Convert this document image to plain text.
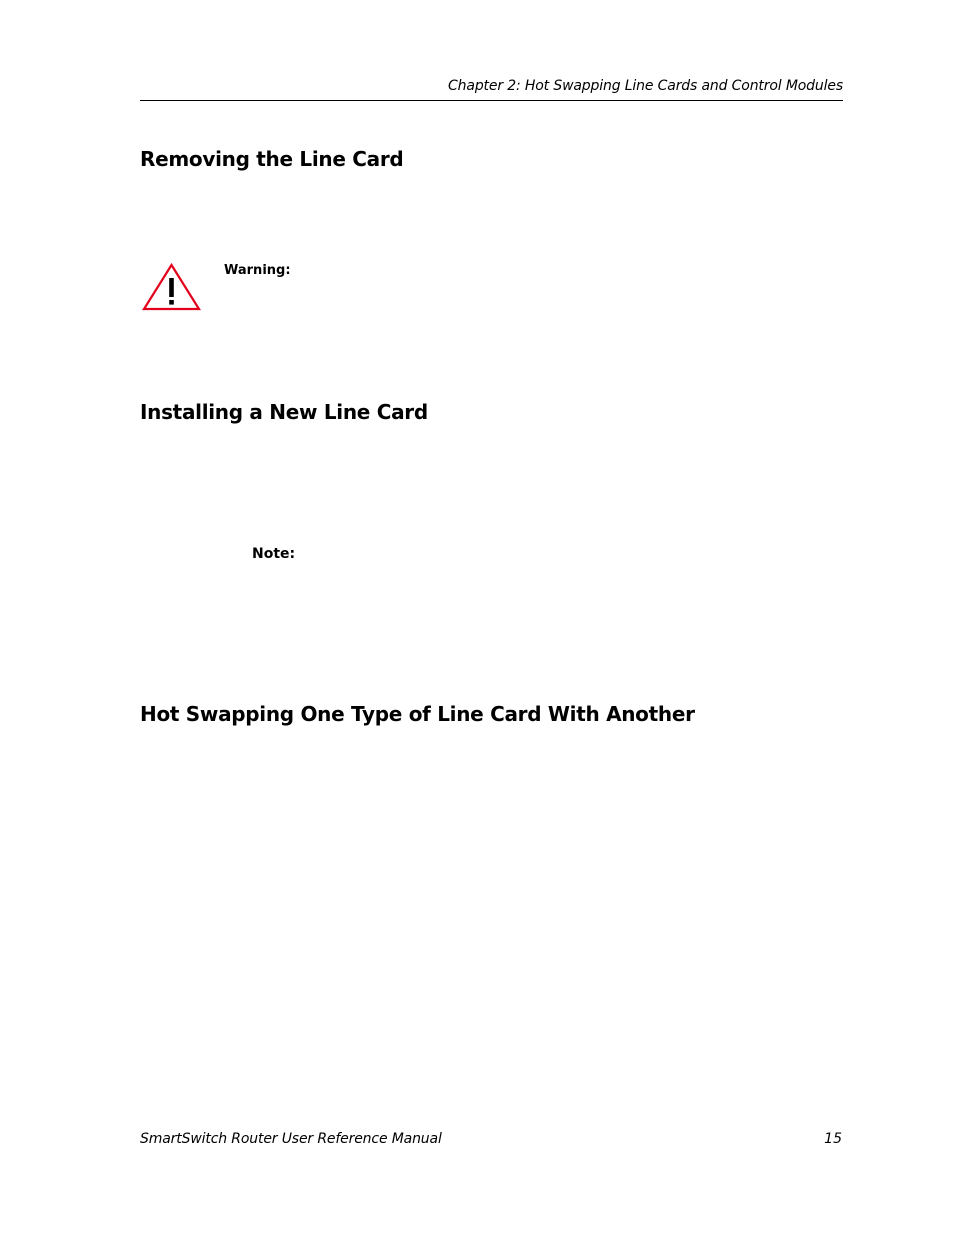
Chapter 2: Hot Swapping Line Cards and Control Modules
Removing the Line Card
Warning:
Installing a New Line Card
Note:
Hot Swapping One Type of Line Card With Another
SmartSwitch Router User Reference Manual	15
